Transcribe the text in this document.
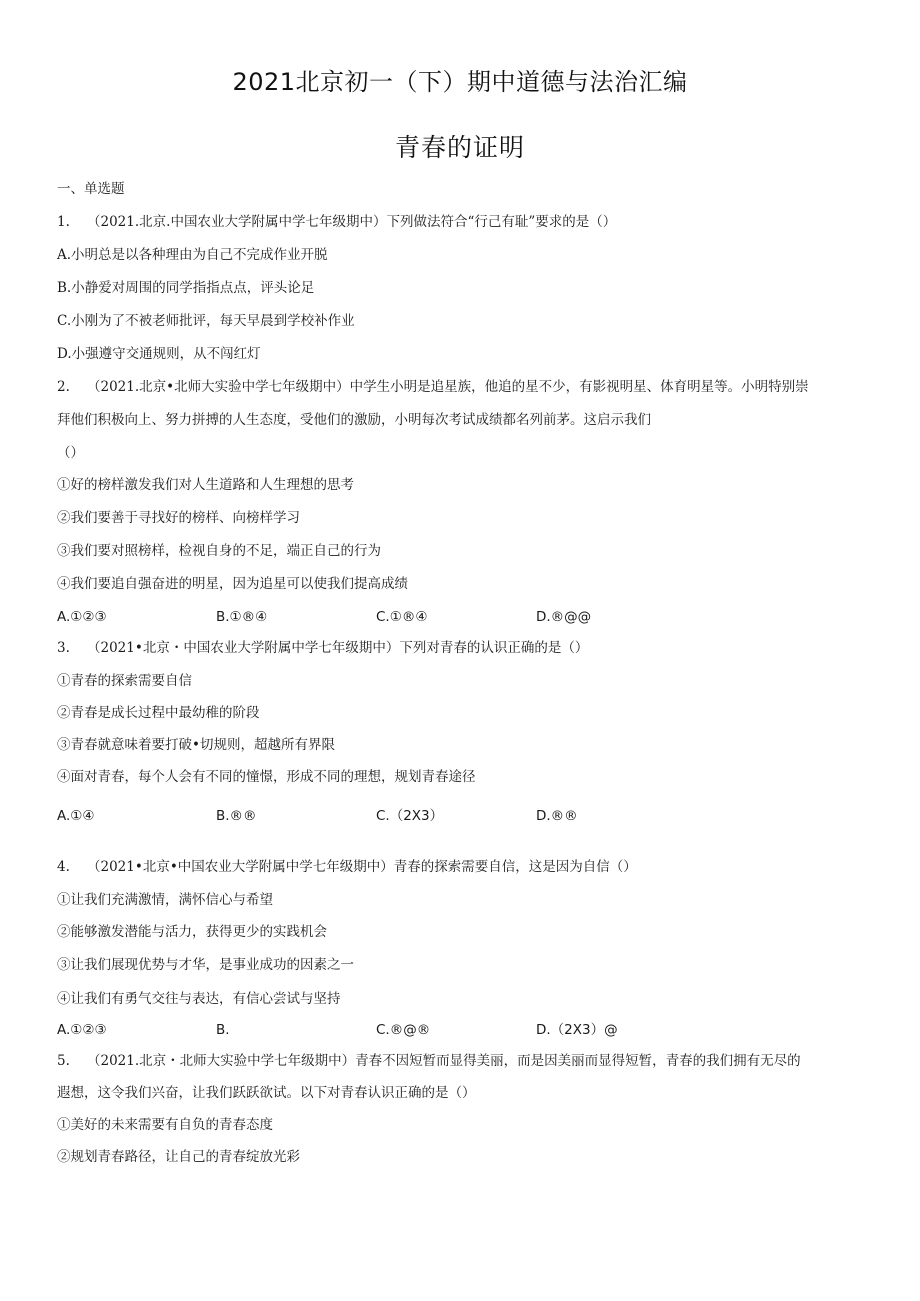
2021北京初一（下）期中道德与法治汇编
青春的证明
一、单选题
1. （2021.北京.中国农业大学附属中学七年级期中）下列做法符合“行己有耻”要求的是（）
A.小明总是以各种理由为自己不完成作业开脱
B.小静爱对周围的同学指指点点，评头论足
C.小刚为了不被老师批评，每天早晨到学校补作业
D.小强遵守交通规则，从不闯红灯
2. （2021.北京•北师大实验中学七年级期中）中学生小明是追星族，他追的星不少，有影视明星、体育明星等。小明特别崇
拜他们积极向上、努力拼搏的人生态度，受他们的激励，小明每次考试成绩都名列前茅。这启示我们
（）
①好的榜样激发我们对人生道路和人生理想的思考
②我们要善于寻找好的榜样、向榜样学习
③我们要对照榜样，检视自身的不足，端正自己的行为
④我们要追自强奋进的明星，因为追星可以使我们提高成绩
A.①②③	B.①®④	C.①®④	D.®@@
3. （2021•北京・中国农业大学附属中学七年级期中）下列对青春的认识正确的是（）
①青春的探索需要自信
②青春是成长过程中最幼稚的阶段
③青春就意味着要打破•切规则，超越所有界限
④面对青春，每个人会有不同的憧憬，形成不同的理想，规划青春途径
A.①④	B.®®	C.（2X3）	D.®®
4. （2021•北京•中国农业大学附属中学七年级期中）青春的探索需要自信，这是因为自信（）
①让我们充满激情，满怀信心与希望
②能够激发潜能与活力，获得更少的实践机会
③让我们展现优势与才华，是事业成功的因素之一
④让我们有勇气交往与表达，有信心尝试与坚持
A.①②③	B.	C.®@®	D.（2X3）@
5. （2021.北京・北师大实验中学七年级期中）青春不因短暂而显得美丽，而是因美丽而显得短暂，青春的我们拥有无尽的
遐想，这令我们兴奋，让我们跃跃欲试。以下对青春认识正确的是（）
①美好的未来需要有自负的青春态度
②规划青春路径，让自己的青春绽放光彩
